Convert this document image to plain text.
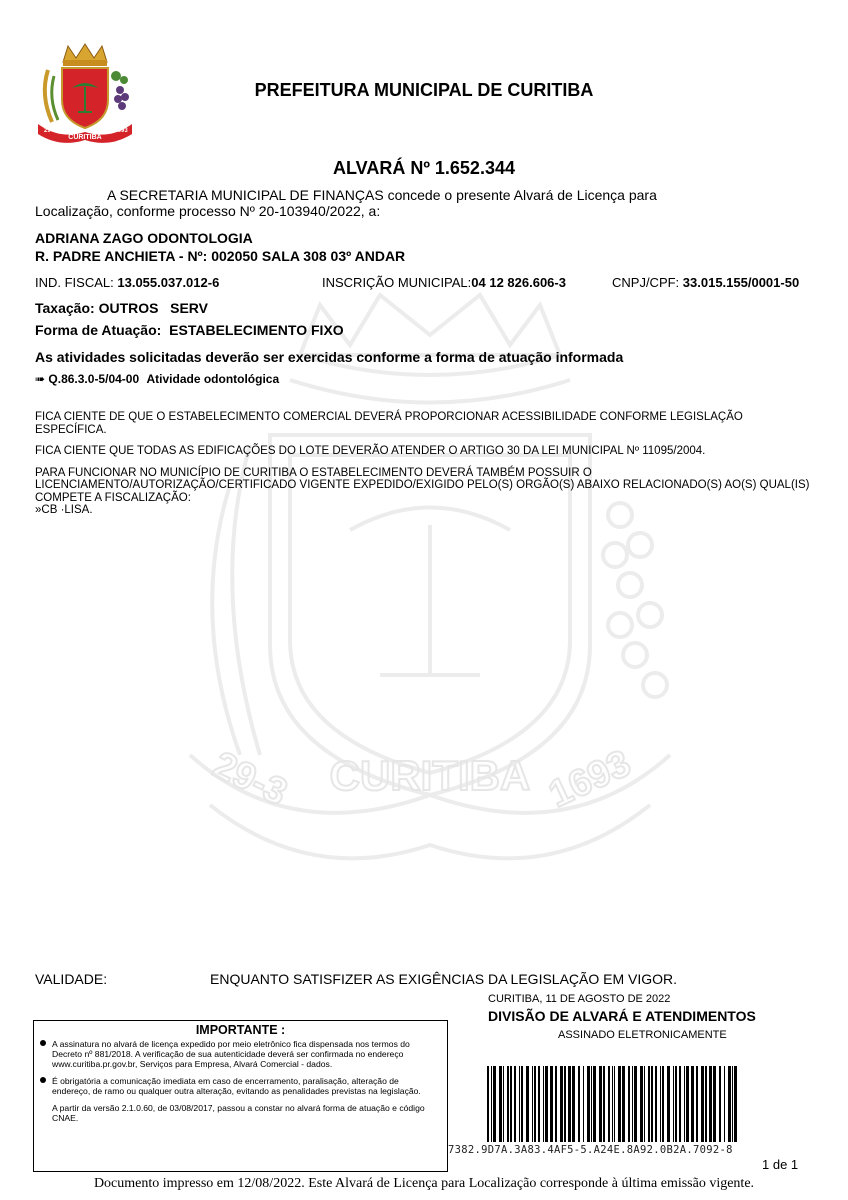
CURITIBA
29-3	1693
CURITIBA
29-3	1693
PREFEITURA MUNICIPAL DE CURITIBA
ALVARÁ Nº 1.652.344
A SECRETARIA MUNICIPAL DE FINANÇAS concede o presente Alvará de Licença para
Localização, conforme processo Nº 20-103940/2022, a:
ADRIANA ZAGO ODONTOLOGIA
R. PADRE ANCHIETA - Nº: 002050 SALA 308 03º ANDAR
IND. FISCAL: 13.055.037.012-6	INSCRIÇÃO MUNICIPAL:04 12 826.606-3	CNPJ/CPF: 33.015.155/0001-50
Taxação: OUTROS   SERV
Forma de Atuação: ESTABELECIMENTO FIXO
As atividades solicitadas deverão ser exercidas conforme a forma de atuação informada
➠ Q.86.3.0-5/04-00 Atividade odontológica

FICA CIENTE DE QUE O ESTABELECIMENTO COMERCIAL DEVERÁ PROPORCIONAR ACESSIBILIDADE CONFORME LEGISLAÇÃO ESPECÍFICA.

FICA CIENTE QUE TODAS AS EDIFICAÇÕES DO LOTE DEVERÃO ATENDER O ARTIGO 30 DA LEI MUNICIPAL Nº 11095/2004.

PARA FUNCIONAR NO MUNICÍPIO DE CURITIBA O ESTABELECIMENTO DEVERÁ TAMBÉM POSSUIR O LICENCIAMENTO/AUTORIZAÇÃO/CERTIFICADO VIGENTE EXPEDIDO/EXIGIDO PELO(S) ORGÃO(S) ABAIXO RELACIONADO(S) AO(S) QUAL(IS) COMPETE A FISCALIZAÇÃO:

»CB ·LISA.
VALIDADE:	ENQUANTO SATISFIZER AS EXIGÊNCIAS DA LEGISLAÇÃO EM VIGOR.
CURITIBA, 11 DE AGOSTO DE 2022
DIVISÃO DE ALVARÁ E ATENDIMENTOS
ASSINADO ELETRONICAMENTE
IMPORTANTE :
A assinatura no alvará de licença expedido por meio eletrônico fica dispensada nos termos do Decreto nº 881/2018. A verificação de sua autenticidade deverá ser confirmada no endereço www.curitiba.pr.gov.br, Serviços para Empresa, Alvará Comercial - dados.
É obrigatória a comunicação imediata em caso de encerramento, paralisação, alteração de endereço, de ramo ou qualquer outra alteração, evitando as penalidades previstas na legislação.
A partir da versão 2.1.0.60, de 03/08/2017, passou a constar no alvará forma de atuação e código CNAE.
7382.9D7A.3A83.4AF5-5.A24E.8A92.0B2A.7092-8
1 de 1
Documento impresso em 12/08/2022. Este Alvará de Licença para Localização corresponde à última emissão vigente.
